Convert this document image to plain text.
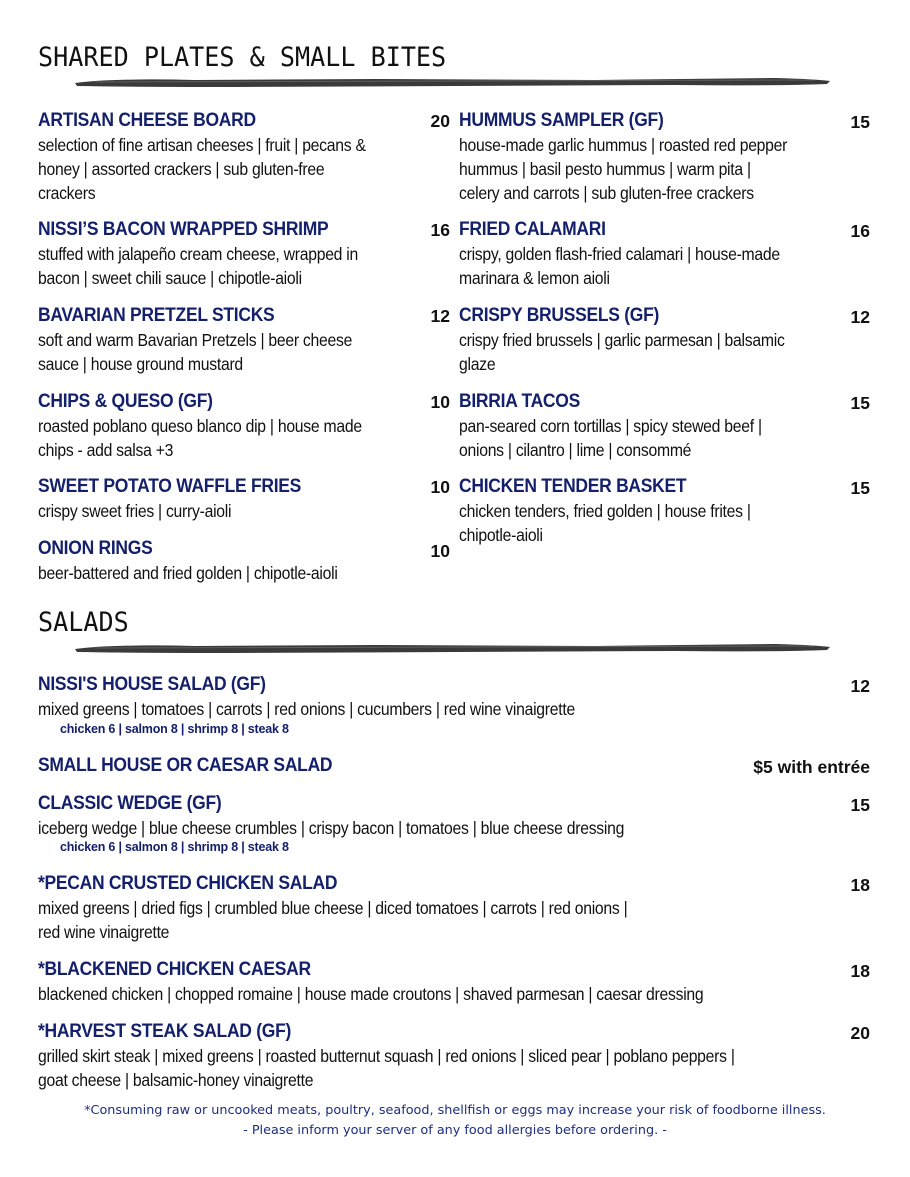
SHARED PLATES & SMALL BITES
ARTISAN CHEESE BOARD
selection of fine artisan cheeses | fruit | pecans &
honey | assorted crackers | sub gluten-free
crackers
20
NISSI’S BACON WRAPPED SHRIMP
stuffed with jalapeño cream cheese, wrapped in
bacon | sweet chili sauce | chipotle-aioli
16
BAVARIAN PRETZEL STICKS
soft and warm Bavarian Pretzels | beer cheese
sauce | house ground mustard
12
CHIPS & QUESO (GF)
roasted poblano queso blanco dip | house made
chips - add salsa +3
10
SWEET POTATO WAFFLE FRIES
crispy sweet fries | curry-aioli
10
ONION RINGS
beer-battered and fried golden | chipotle-aioli
10
HUMMUS SAMPLER (GF)
house-made garlic hummus | roasted red pepper
hummus | basil pesto hummus | warm pita |
celery and carrots | sub gluten-free crackers
15
FRIED CALAMARI
crispy, golden flash-fried calamari | house-made
marinara & lemon aioli
16
CRISPY BRUSSELS (GF)
crispy fried brussels | garlic parmesan | balsamic
glaze
12
BIRRIA TACOS
pan-seared corn tortillas | spicy stewed beef |
onions | cilantro | lime | consommé
15
CHICKEN TENDER BASKET
chicken tenders, fried golden | house frites |
chipotle-aioli
15
SALADS
NISSI'S HOUSE SALAD (GF)
mixed greens | tomatoes | carrots | red onions | cucumbers | red wine vinaigrette
chicken 6 | salmon 8 | shrimp 8 | steak 8
12
SMALL HOUSE OR CAESAR SALAD	$5 with entrée
CLASSIC WEDGE (GF)
iceberg wedge | blue cheese crumbles | crispy bacon | tomatoes | blue cheese dressing
chicken 6 | salmon 8 | shrimp 8 | steak 8
15
*PECAN CRUSTED CHICKEN SALAD
mixed greens | dried figs | crumbled blue cheese | diced tomatoes | carrots | red onions |
red wine vinaigrette
18
*BLACKENED CHICKEN CAESAR
blackened chicken | chopped romaine | house made croutons | shaved parmesan | caesar dressing
18
*HARVEST STEAK SALAD (GF)
grilled skirt steak | mixed greens | roasted butternut squash | red onions | sliced pear | poblano peppers |
goat cheese | balsamic-honey vinaigrette
20
*Consuming raw or uncooked meats, poultry, seafood, shellfish or eggs may increase your risk of foodborne illness.
- Please inform your server of any food allergies before ordering. -
